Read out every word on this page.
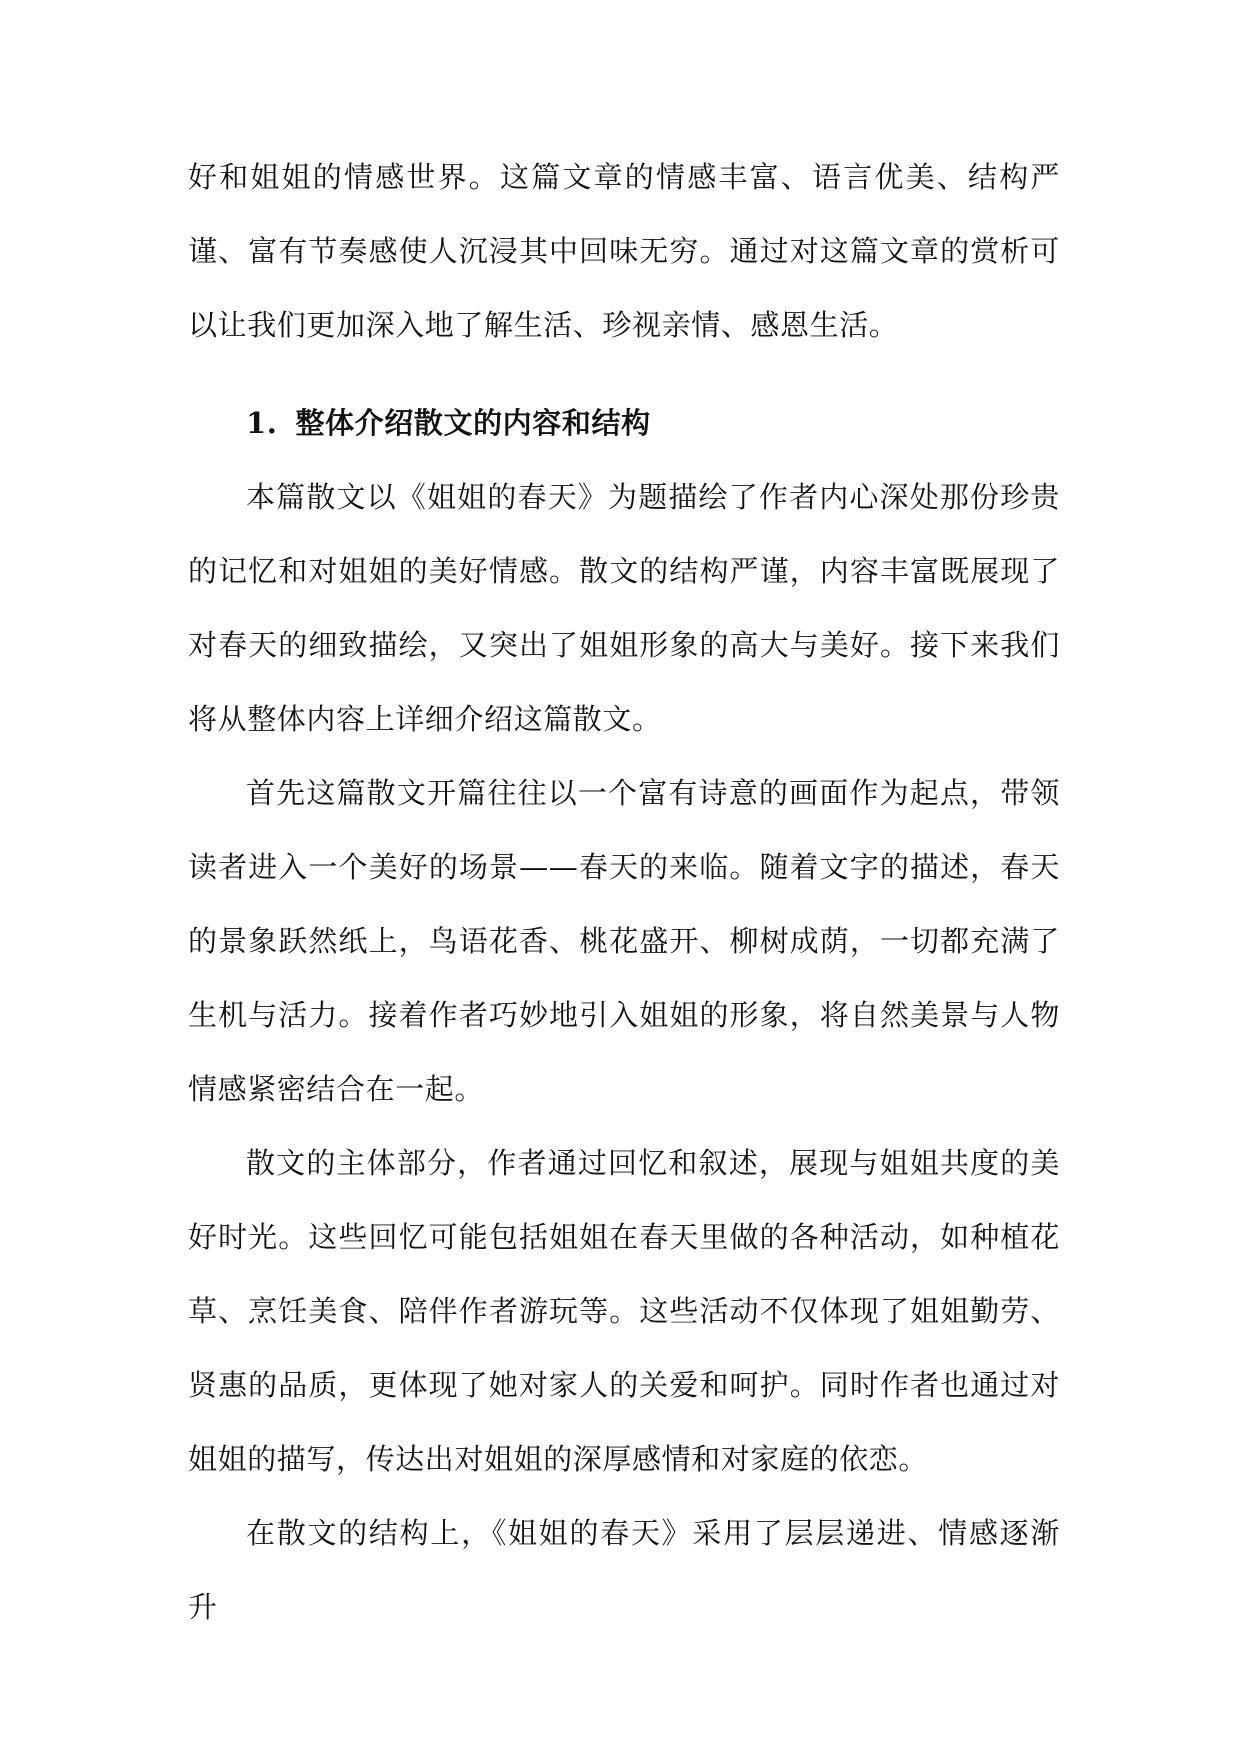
好和姐姐的情感世界。这篇文章的情感丰富、语言优美、结构严谨、富有节奏感使人沉浸其中回味无穷。通过对这篇文章的赏析可以让我们更加深入地了解生活、珍视亲情、感恩生活。

1. 整体介绍散文的内容和结构

本篇散文以《姐姐的春天》为题描绘了作者内心深处那份珍贵的记忆和对姐姐的美好情感。散文的结构严谨，内容丰富既展现了对春天的细致描绘，又突出了姐姐形象的高大与美好。接下来我们将从整体内容上详细介绍这篇散文。

首先这篇散文开篇往往以一个富有诗意的画面作为起点，带领读者进入一个美好的场景——春天的来临。随着文字的描述，春天的景象跃然纸上，鸟语花香、桃花盛开、柳树成荫，一切都充满了生机与活力。接着作者巧妙地引入姐姐的形象，将自然美景与人物情感紧密结合在一起。

散文的主体部分，作者通过回忆和叙述，展现与姐姐共度的美好时光。这些回忆可能包括姐姐在春天里做的各种活动，如种植花草、烹饪美食、陪伴作者游玩等。这些活动不仅体现了姐姐勤劳、贤惠的品质，更体现了她对家人的关爱和呵护。同时作者也通过对姐姐的描写，传达出对姐姐的深厚感情和对家庭的依恋。

在散文的结构上，《姐姐的春天》采用了层层递进、情感逐渐升
